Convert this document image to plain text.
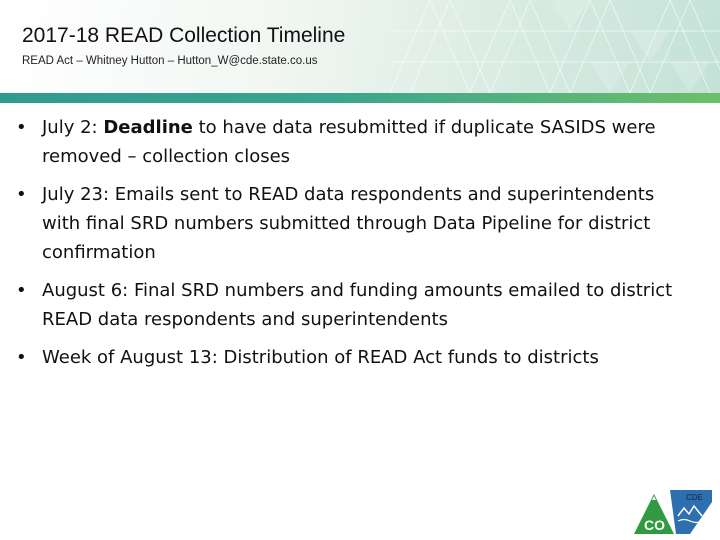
2017-18 READ Collection Timeline
READ Act – Whitney Hutton – Hutton_W@cde.state.co.us
• July 2: Deadline to have data resubmitted if duplicate SASIDS were removed – collection closes
• July 23: Emails sent to READ data respondents and superintendents with final SRD numbers submitted through Data Pipeline for district confirmation
• August 6: Final SRD numbers and funding amounts emailed to district READ data respondents and superintendents
• Week of August 13: Distribution of READ Act funds to districts
CDE
CO
